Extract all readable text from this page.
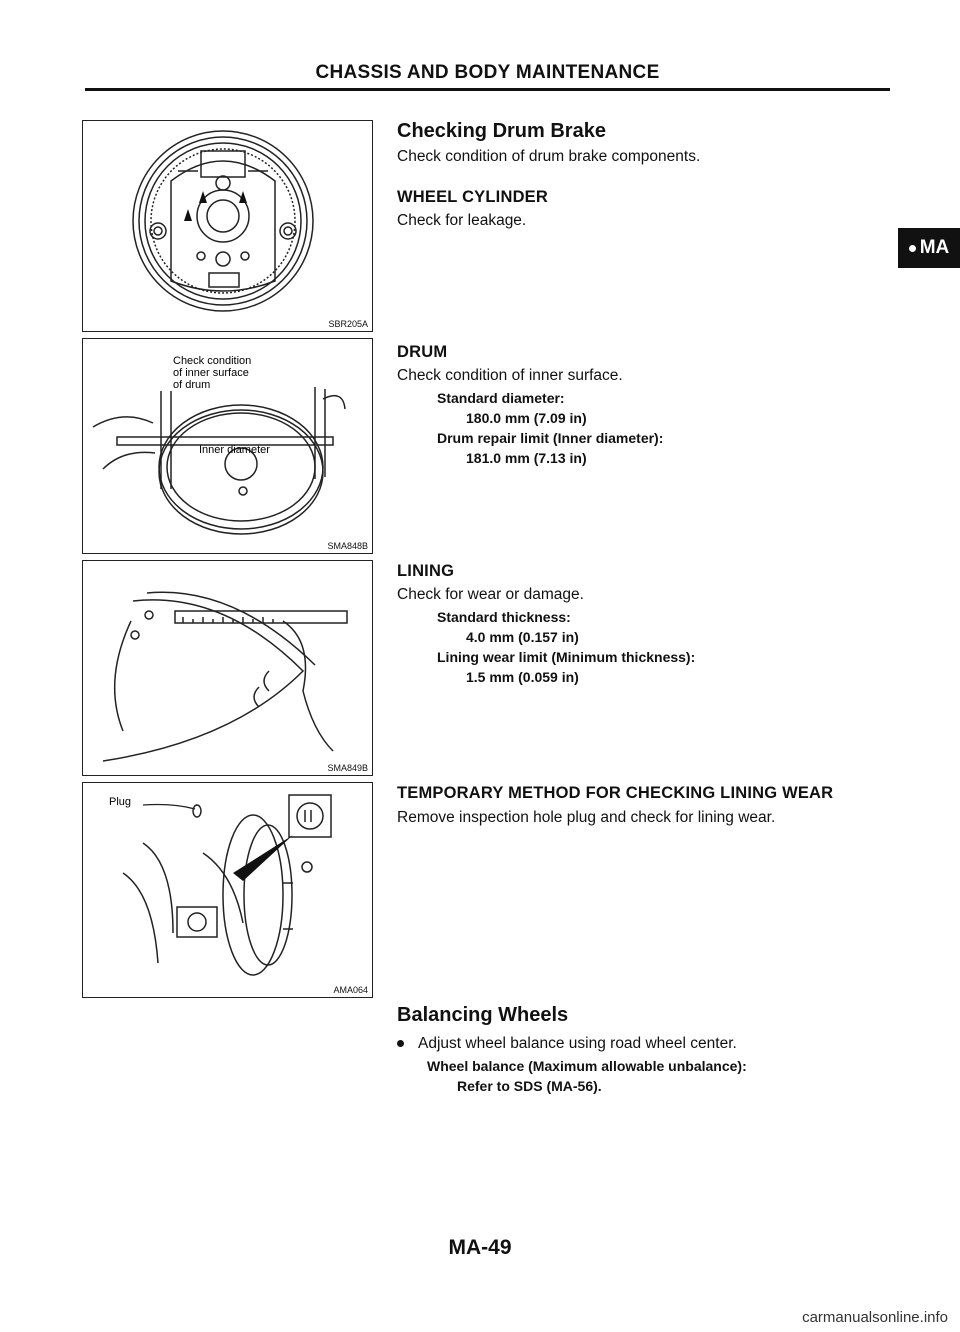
CHASSIS AND BODY MAINTENANCE
MA
SBR205A
Check condition
of inner surface
of drum
Inner diameter
SMA848B
SMA849B
Plug
AMA064
Checking Drum Brake
Check condition of drum brake components.
WHEEL CYLINDER
Check for leakage.
DRUM
Check condition of inner surface.
Standard diameter:
180.0 mm (7.09 in)
Drum repair limit (Inner diameter):
181.0 mm (7.13 in)
LINING
Check for wear or damage.
Standard thickness:
4.0 mm (0.157 in)
Lining wear limit (Minimum thickness):
1.5 mm (0.059 in)
TEMPORARY METHOD FOR CHECKING LINING WEAR
Remove inspection hole plug and check for lining wear.
Balancing Wheels
Adjust wheel balance using road wheel center.
Wheel balance (Maximum allowable unbalance):
Refer to SDS (MA-56).
MA-49
carmanualsonline.info
